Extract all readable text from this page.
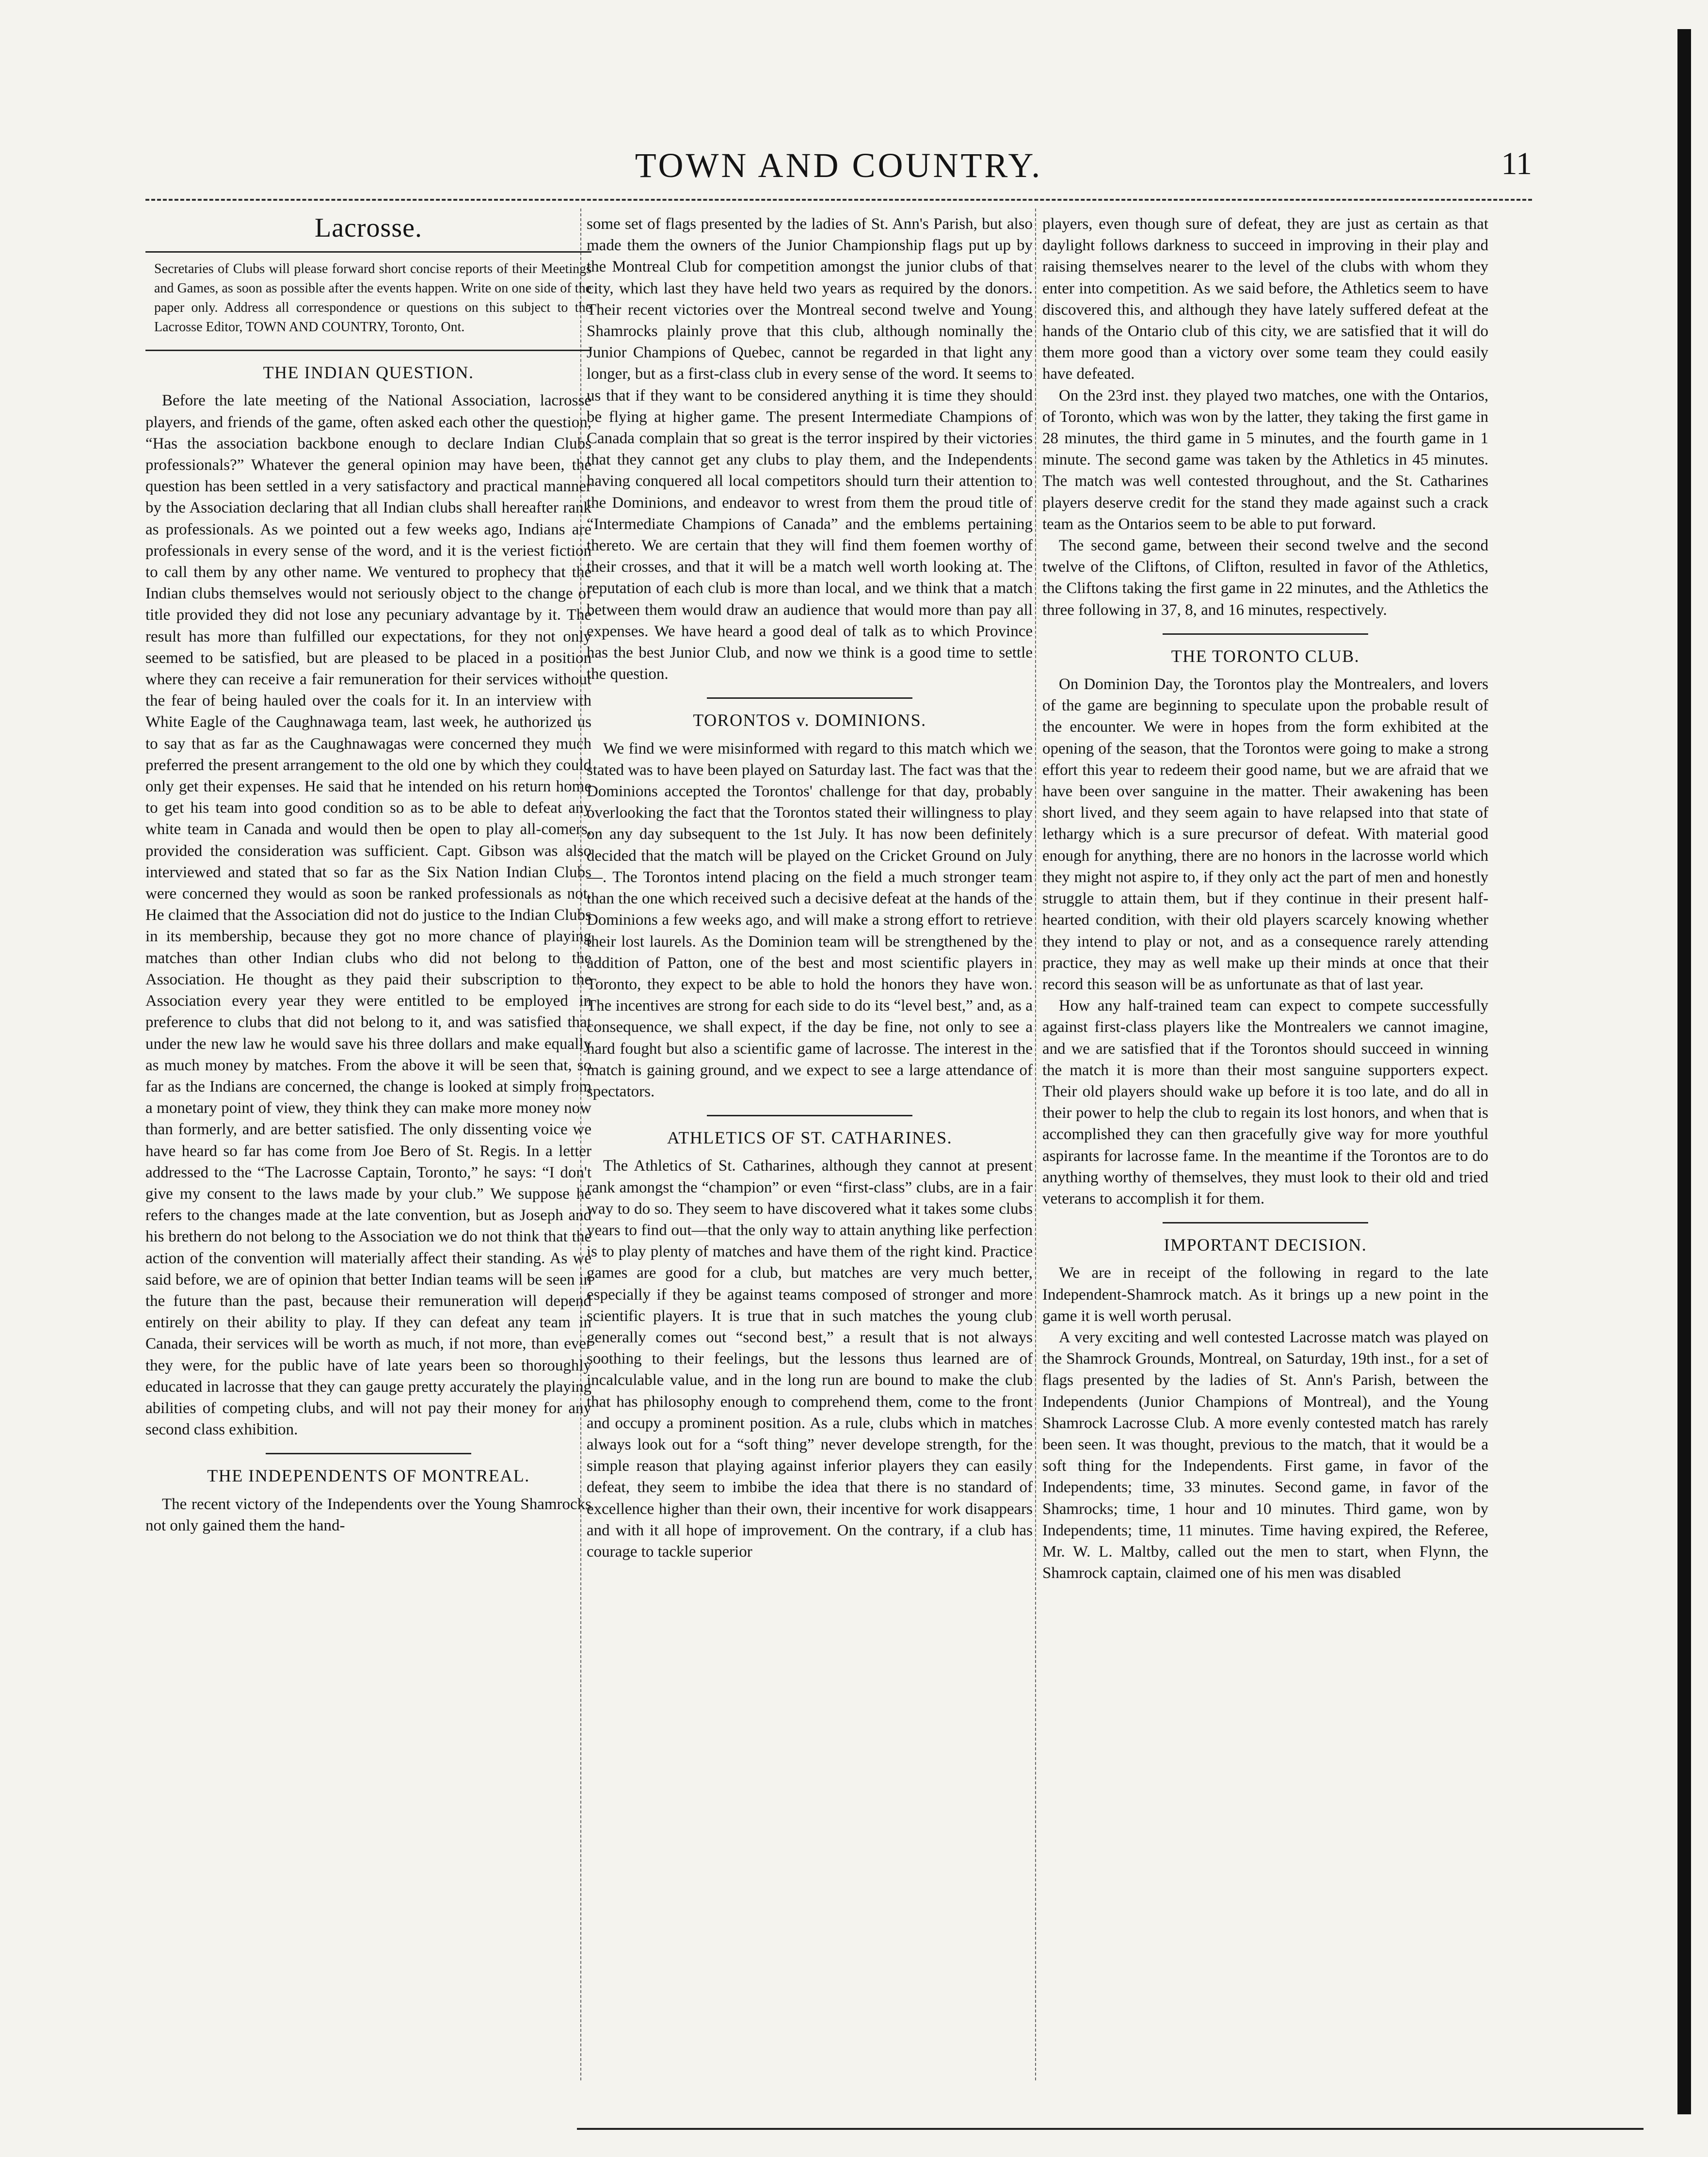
TOWN AND COUNTRY.	11
Lacrosse.

Secretaries of Clubs will please forward short concise reports of their Meetings and Games, as soon as possible after the events happen. Write on one side of the paper only. Address all correspondence or questions on this subject to the Lacrosse Editor, TOWN AND COUNTRY, Toronto, Ont.

THE INDIAN QUESTION.

Before the late meeting of the National Association, lacrosse players, and friends of the game, often asked each other the question, “Has the association backbone enough to declare Indian Clubs professionals?” Whatever the general opinion may have been, the question has been settled in a very satisfactory and practical manner by the Association declaring that all Indian clubs shall hereafter rank as professionals. As we pointed out a few weeks ago, Indians are professionals in every sense of the word, and it is the veriest fiction to call them by any other name. We ventured to prophecy that the Indian clubs themselves would not seriously object to the change of title provided they did not lose any pecuniary advantage by it. The result has more than fulfilled our expectations, for they not only seemed to be satisfied, but are pleased to be placed in a position where they can receive a fair remuneration for their services without the fear of being hauled over the coals for it. In an interview with White Eagle of the Caughnawaga team, last week, he authorized us to say that as far as the Caughnawagas were concerned they much preferred the present arrangement to the old one by which they could only get their expenses. He said that he intended on his return home to get his team into good condition so as to be able to defeat any white team in Canada and would then be open to play all-comers, provided the consideration was sufficient. Capt. Gibson was also interviewed and stated that so far as the Six Nation Indian Clubs were concerned they would as soon be ranked professionals as not. He claimed that the Association did not do justice to the Indian Clubs in its membership, because they got no more chance of playing matches than other Indian clubs who did not belong to the Association. He thought as they paid their subscription to the Association every year they were entitled to be employed in preference to clubs that did not belong to it, and was satisfied that under the new law he would save his three dollars and make equally as much money by matches. From the above it will be seen that, so far as the Indians are concerned, the change is looked at simply from a monetary point of view, they think they can make more money now than formerly, and are better satisfied. The only dissenting voice we have heard so far has come from Joe Bero of St. Regis. In a letter addressed to the “The Lacrosse Captain, Toronto,” he says: “I don't give my consent to the laws made by your club.” We suppose he refers to the changes made at the late convention, but as Joseph and his brethern do not belong to the Association we do not think that the action of the convention will materially affect their standing. As we said before, we are of opinion that better Indian teams will be seen in the future than the past, because their remuneration will depend entirely on their ability to play. If they can defeat any team in Canada, their services will be worth as much, if not more, than ever they were, for the public have of late years been so thoroughly educated in lacrosse that they can gauge pretty accurately the playing abilities of competing clubs, and will not pay their money for any second class exhibition.

THE INDEPENDENTS OF MONTREAL.

The recent victory of the Independents over the Young Shamrocks not only gained them the hand-

some set of flags presented by the ladies of St. Ann's Parish, but also made them the owners of the Junior Championship flags put up by the Montreal Club for competition amongst the junior clubs of that city, which last they have held two years as required by the donors. Their recent victories over the Montreal second twelve and Young Shamrocks plainly prove that this club, although nominally the Junior Champions of Quebec, cannot be regarded in that light any longer, but as a first-class club in every sense of the word. It seems to us that if they want to be considered anything it is time they should be flying at higher game. The present Intermediate Champions of Canada complain that so great is the terror inspired by their victories that they cannot get any clubs to play them, and the Independents having conquered all local competitors should turn their attention to the Dominions, and endeavor to wrest from them the proud title of “Intermediate Champions of Canada” and the emblems pertaining thereto. We are certain that they will find them foemen worthy of their crosses, and that it will be a match well worth looking at. The reputation of each club is more than local, and we think that a match between them would draw an audience that would more than pay all expenses. We have heard a good deal of talk as to which Province has the best Junior Club, and now we think is a good time to settle the question.

TORONTOS v. DOMINIONS.

We find we were misinformed with regard to this match which we stated was to have been played on Saturday last. The fact was that the Dominions accepted the Torontos' challenge for that day, probably overlooking the fact that the Torontos stated their willingness to play on any day subsequent to the 1st July. It has now been definitely decided that the match will be played on the Cricket Ground on July —. The Torontos intend placing on the field a much stronger team than the one which received such a decisive defeat at the hands of the Dominions a few weeks ago, and will make a strong effort to retrieve their lost laurels. As the Dominion team will be strengthened by the addition of Patton, one of the best and most scientific players in Toronto, they expect to be able to hold the honors they have won. The incentives are strong for each side to do its “level best,” and, as a consequence, we shall expect, if the day be fine, not only to see a hard fought but also a scientific game of lacrosse. The interest in the match is gaining ground, and we expect to see a large attendance of spectators.

ATHLETICS OF ST. CATHARINES.

The Athletics of St. Catharines, although they cannot at present rank amongst the “champion” or even “first-class” clubs, are in a fair way to do so. They seem to have discovered what it takes some clubs years to find out—that the only way to attain anything like perfection is to play plenty of matches and have them of the right kind. Practice games are good for a club, but matches are very much better, especially if they be against teams composed of stronger and more scientific players. It is true that in such matches the young club generally comes out “second best,” a result that is not always soothing to their feelings, but the lessons thus learned are of incalculable value, and in the long run are bound to make the club that has philosophy enough to comprehend them, come to the front and occupy a prominent position. As a rule, clubs which in matches always look out for a “soft thing” never develope strength, for the simple reason that playing against inferior players they can easily defeat, they seem to imbibe the idea that there is no standard of excellence higher than their own, their incentive for work disappears and with it all hope of improvement. On the contrary, if a club has courage to tackle superior

players, even though sure of defeat, they are just as certain as that daylight follows darkness to succeed in improving in their play and raising themselves nearer to the level of the clubs with whom they enter into competition. As we said before, the Athletics seem to have discovered this, and although they have lately suffered defeat at the hands of the Ontario club of this city, we are satisfied that it will do them more good than a victory over some team they could easily have defeated.

On the 23rd inst. they played two matches, one with the Ontarios, of Toronto, which was won by the latter, they taking the first game in 28 minutes, the third game in 5 minutes, and the fourth game in 1 minute. The second game was taken by the Athletics in 45 minutes. The match was well contested throughout, and the St. Catharines players deserve credit for the stand they made against such a crack team as the Ontarios seem to be able to put forward.

The second game, between their second twelve and the second twelve of the Cliftons, of Clifton, resulted in favor of the Athletics, the Cliftons taking the first game in 22 minutes, and the Athletics the three following in 37, 8, and 16 minutes, respectively.

THE TORONTO CLUB.

On Dominion Day, the Torontos play the Montrealers, and lovers of the game are beginning to speculate upon the probable result of the encounter. We were in hopes from the form exhibited at the opening of the season, that the Torontos were going to make a strong effort this year to redeem their good name, but we are afraid that we have been over sanguine in the matter. Their awakening has been short lived, and they seem again to have relapsed into that state of lethargy which is a sure precursor of defeat. With material good enough for anything, there are no honors in the lacrosse world which they might not aspire to, if they only act the part of men and honestly struggle to attain them, but if they continue in their present half-hearted condition, with their old players scarcely knowing whether they intend to play or not, and as a consequence rarely attending practice, they may as well make up their minds at once that their record this season will be as unfortunate as that of last year.

How any half-trained team can expect to compete successfully against first-class players like the Montrealers we cannot imagine, and we are satisfied that if the Torontos should succeed in winning the match it is more than their most sanguine supporters expect. Their old players should wake up before it is too late, and do all in their power to help the club to regain its lost honors, and when that is accomplished they can then gracefully give way for more youthful aspirants for lacrosse fame. In the meantime if the Torontos are to do anything worthy of themselves, they must look to their old and tried veterans to accomplish it for them.

IMPORTANT DECISION.

We are in receipt of the following in regard to the late Independent-Shamrock match. As it brings up a new point in the game it is well worth perusal.

A very exciting and well contested Lacrosse match was played on the Shamrock Grounds, Montreal, on Saturday, 19th inst., for a set of flags presented by the ladies of St. Ann's Parish, between the Independents (Junior Champions of Montreal), and the Young Shamrock Lacrosse Club. A more evenly contested match has rarely been seen. It was thought, previous to the match, that it would be a soft thing for the Independents. First game, in favor of the Independents; time, 33 minutes. Second game, in favor of the Shamrocks; time, 1 hour and 10 minutes. Third game, won by Independents; time, 11 minutes. Time having expired, the Referee, Mr. W. L. Maltby, called out the men to start, when Flynn, the Shamrock captain, claimed one of his men was disabled
